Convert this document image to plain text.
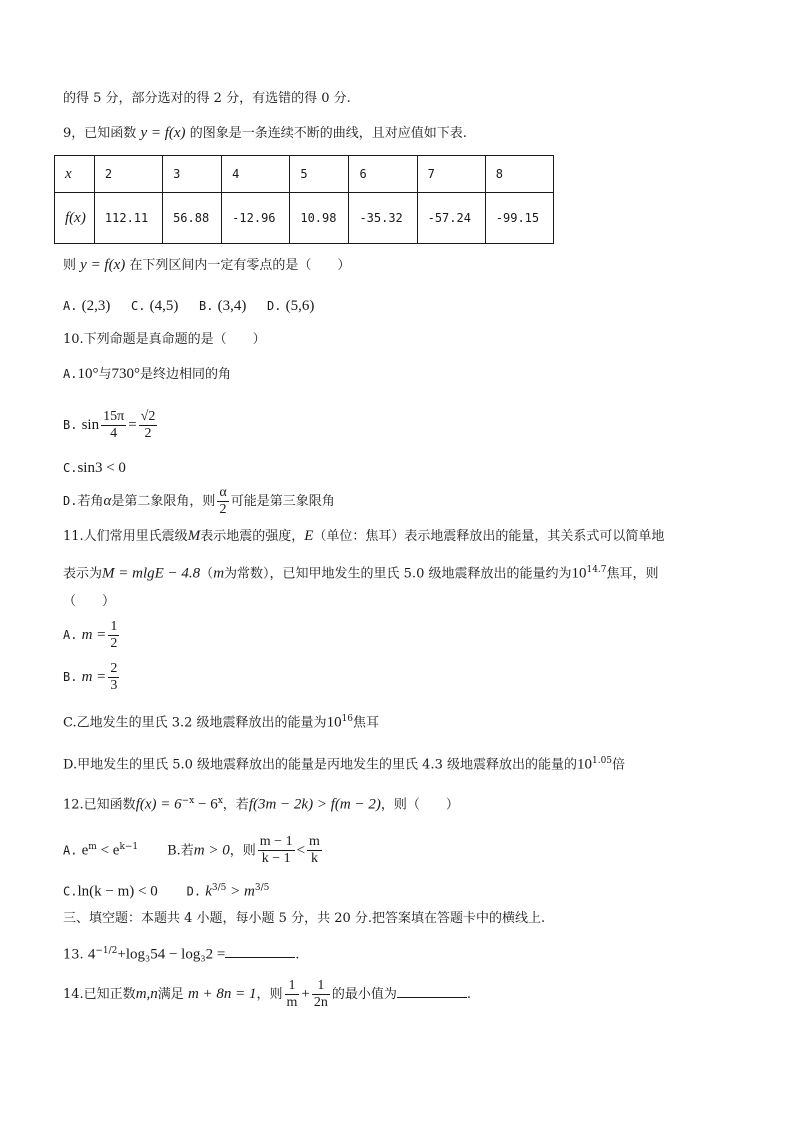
的得 5 分，部分选对的得 2 分，有选错的得 0 分.
9，已知函数 y = f(x) 的图象是一条连续不断的曲线，且对应值如下表.
x	2	3	4	5	6	7	8
f(x)	112.11	56.88	-12.96	10.98	-35.32	-57.24	-99.15
则 y = f(x) 在下列区间内一定有零点的是（　　）
A. (2,3) C. (4,5) B. (3,4) D. (5,6)
10.下列命题是真命题的是（　　）
A.10°与730°是终边相同的角
B. $\sin \frac{15\pi}{4} = \frac{√2}{2}$
C.sin3 < 0
D.若角α是第二象限角，则 $\frac{\alpha}{2}$ 可能是第三象限角
11.人们常用里氏震级M表示地震的强度，E（单位：焦耳）表示地震释放出的能量，其关系式可以简单地
表示为M = mlgE − 4.8（m为常数），已知甲地发生的里氏 5.0 级地震释放出的能量约为$10^{14.7}$焦耳，则
（　　）
A. $m = \frac{1}{2}$
B. $m = \frac{2}{3}$
C.乙地发生的里氏 3.2 级地震释放出的能量为$10^{16}$焦耳
D.甲地发生的里氏 5.0 级地震释放出的能量是丙地发生的里氏 4.3 级地震释放出的能量的$10^{1.05}$倍
12.已知函数$f(x) = 6^{-x} - 6^x$，若f(3m − 2k) > f(m − 2)，则（　　）
A. $e^m < e^{k-1}$ B.若m > 0，则 $\frac{m - 1}{k - 1} < \frac{m}{k}$
C.ln(k − m) < 0 D. $k^{3/5} > m^{3/5}$
三、填空题：本题共 4 小题，每小题 5 分，共 20 分.把答案填在答题卡中的横线上.
13. $4^{-1/2}+\log_354 - \log_32$ =	.
14.已知正数m,n满足 m + 8n = 1，则 $\frac{1}{m} + \frac{1}{2n}$ 的最小值为	.
